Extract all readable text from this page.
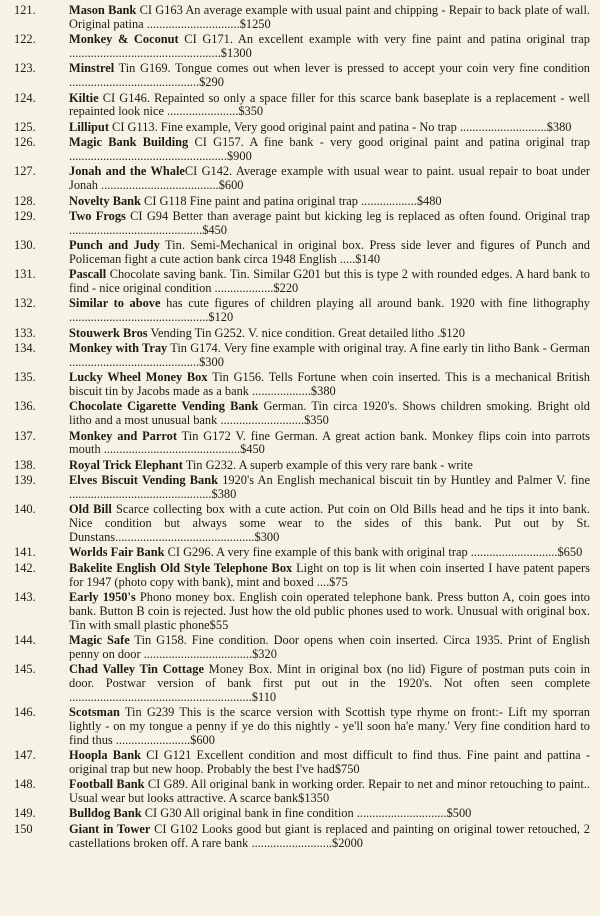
121.	Mason Bank CI G163 An average example with usual paint and chipping - Repair to back plate of wall. Original patina ..............................$1250
122.	Monkey & Coconut CI G171. An excellent example with very fine paint and patina original trap .................................................$1300
123.	Minstrel Tin G169. Tongue comes out when lever is pressed to accept your coin very fine condition ..........................................$290
124.	Kiltie CI G146. Repainted so only a space filler for this scarce bank baseplate is a replacement - well repainted look nice .......................$350
125.	Lilliput CI G113. Fine example, Very good original paint and patina - No trap ............................$380
126.	Magic Bank Building CI G157. A fine bank - very good original paint and patina original trap ...................................................$900
127.	Jonah and the WhaleCI G142. Average example with usual wear to paint. usual repair to boat under Jonah ......................................$600
128.	Novelty Bank CI G118 Fine paint and patina original trap ..................$480
129.	Two Frogs CI G94 Better than average paint but kicking leg is replaced as often found. Original trap ...........................................$450
130.	Punch and Judy Tin. Semi-Mechanical in original box. Press side lever and figures of Punch and Policeman fight a cute action bank circa 1948 English .....$140
131.	Pascall Chocolate saving bank. Tin. Similar G201 but this is type 2 with rounded edges. A hard bank to find - nice original condition ...................$220
132.	Similar to above has cute figures of children playing all around bank. 1920 with fine lithography .............................................$120
133.	Stouwerk Bros Vending Tin G252. V. nice condition. Great detailed litho .$120
134.	Monkey with Tray Tin G174. Very fine example with original tray. A fine early tin litho Bank - German ..........................................$300
135.	Lucky Wheel Money Box Tin G156. Tells Fortune when coin inserted. This is a mechanical British biscuit tin by Jacobs made as a bank ...................$380
136.	Chocolate Cigarette Vending Bank German. Tin circa 1920's. Shows children smoking. Bright old litho and a most unusual bank ...........................$350
137.	Monkey and Parrot Tin G172 V. fine German. A great action bank. Monkey flips coin into parrots mouth ............................................$450
138.	Royal Trick Elephant Tin G232. A superb example of this very rare bank - write
139.	Elves Biscuit Vending Bank 1920's An English mechanical biscuit tin by Huntley and Palmer V. fine ..............................................$380
140.	Old Bill Scarce collecting box with a cute action. Put coin on Old Bills head and he tips it into bank. Nice condition but always some wear to the sides of this bank. Put out by St. Dunstans.............................................$300
141.	Worlds Fair Bank CI G296. A very fine example of this bank with original trap ............................$650
142.	Bakelite English Old Style Telephone Box Light on top is lit when coin inserted I have patent papers for 1947 (photo copy with bank), mint and boxed ....$75
143.	Early 1950's Phono money box. English coin operated telephone bank. Press button A, coin goes into bank. Button B coin is rejected. Just how the old public phones used to work. Unusual with original box. Tin with small plastic phone$55
144.	Magic Safe Tin G158. Fine condition. Door opens when coin inserted. Circa 1935. Print of English penny on door ...................................$320
145.	Chad Valley Tin Cottage Money Box. Mint in original box (no lid) Figure of postman puts coin in door. Postwar version of bank first put out in the 1920's. Not often seen complete ...........................................................$110
146.	Scotsman Tin G239 This is the scarce version with Scottish type rhyme on front:- Lift my sporran lightly - on my tongue a penny if ye do this nightly - ye'll soon ha'e many.' Very fine condition hard to find thus ........................$600
147.	Hoopla Bank CI G121 Excellent condition and most difficult to find thus. Fine paint and pattina - original trap but new hoop. Probably the best I've had$750
148.	Football Bank CI G89. All original bank in working order. Repair to net and minor retouching to paint.. Usual wear but looks attractive. A scarce bank$1350
149.	Bulldog Bank CI G30 All original bank in fine condition .............................$500
150	Giant in Tower CI G102 Looks good but giant is replaced and painting on original tower retouched, 2 castellations broken off. A rare bank ..........................$2000
